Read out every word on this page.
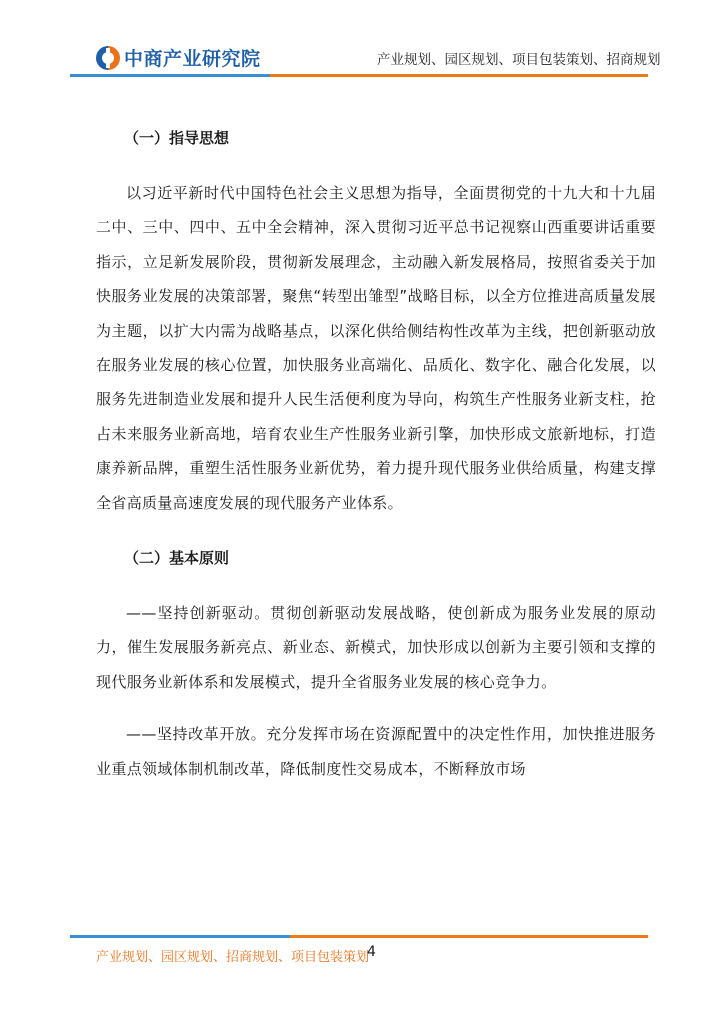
中商产业研究院	产业规划、园区规划、项目包装策划、招商规划
（一）指导思想

以习近平新时代中国特色社会主义思想为指导，全面贯彻党的十九大和十九届二中、三中、四中、五中全会精神，深入贯彻习近平总书记视察山西重要讲话重要指示，立足新发展阶段，贯彻新发展理念，主动融入新发展格局，按照省委关于加快服务业发展的决策部署，聚焦“转型出雏型”战略目标，以全方位推进高质量发展为主题，以扩大内需为战略基点，以深化供给侧结构性改革为主线，把创新驱动放在服务业发展的核心位置，加快服务业高端化、品质化、数字化、融合化发展，以服务先进制造业发展和提升人民生活便利度为导向，构筑生产性服务业新支柱，抢占未来服务业新高地，培育农业生产性服务业新引擎，加快形成文旅新地标，打造康养新品牌，重塑生活性服务业新优势，着力提升现代服务业供给质量，构建支撑全省高质量高速度发展的现代服务产业体系。

（二）基本原则

——坚持创新驱动。贯彻创新驱动发展战略，使创新成为服务业发展的原动力，催生发展服务新亮点、新业态、新模式，加快形成以创新为主要引领和支撑的现代服务业新体系和发展模式，提升全省服务业发展的核心竞争力。

——坚持改革开放。充分发挥市场在资源配置中的决定性作用，加快推进服务业重点领域体制机制改革，降低制度性交易成本，不断释放市场

产业规划、园区规划、招商规划、项目包装策划
4
